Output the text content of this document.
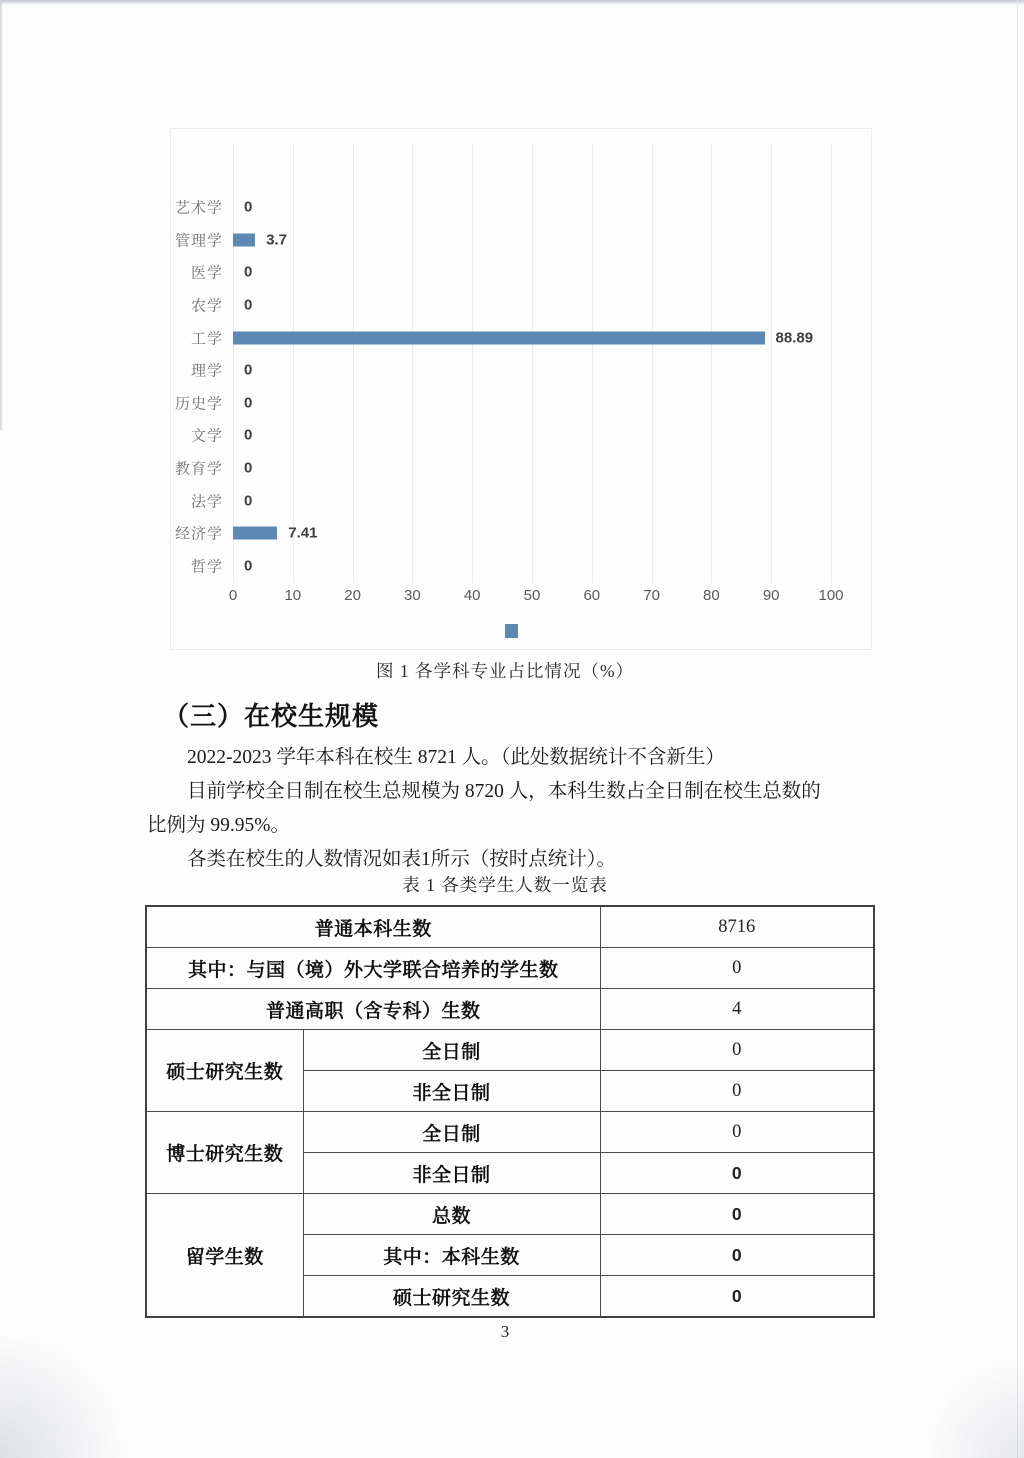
艺术学 0
管理学	3.7
医学 0
农学 0
工学	88.89
理学 0
历史学 0
文学 0
教育学 0
法学 0
经济学	7.41
哲学 0
0	10	20	30	40	50	60	70	80	90	100
图 1 各学科专业占比情况（%）
（三）在校生规模
2022-2023 学年本科在校生 8721 人。（此处数据统计不含新生）
目前学校全日制在校生总规模为 8720 人，本科生数占全日制在校生总数的
比例为 99.95%。
各类在校生的人数情况如表1所示（按时点统计）。
表 1 各类学生人数一览表
普通本科生数		8716
其中：与国（境）外大学联合培养的学生数		0
普通高职（含专科）生数		4
硕士研究生数	全日制	0
	非全日制	0
博士研究生数	全日制	0
	非全日制	0
留学生数	总数	0
	其中：本科生数	0
	硕士研究生数	0
3
